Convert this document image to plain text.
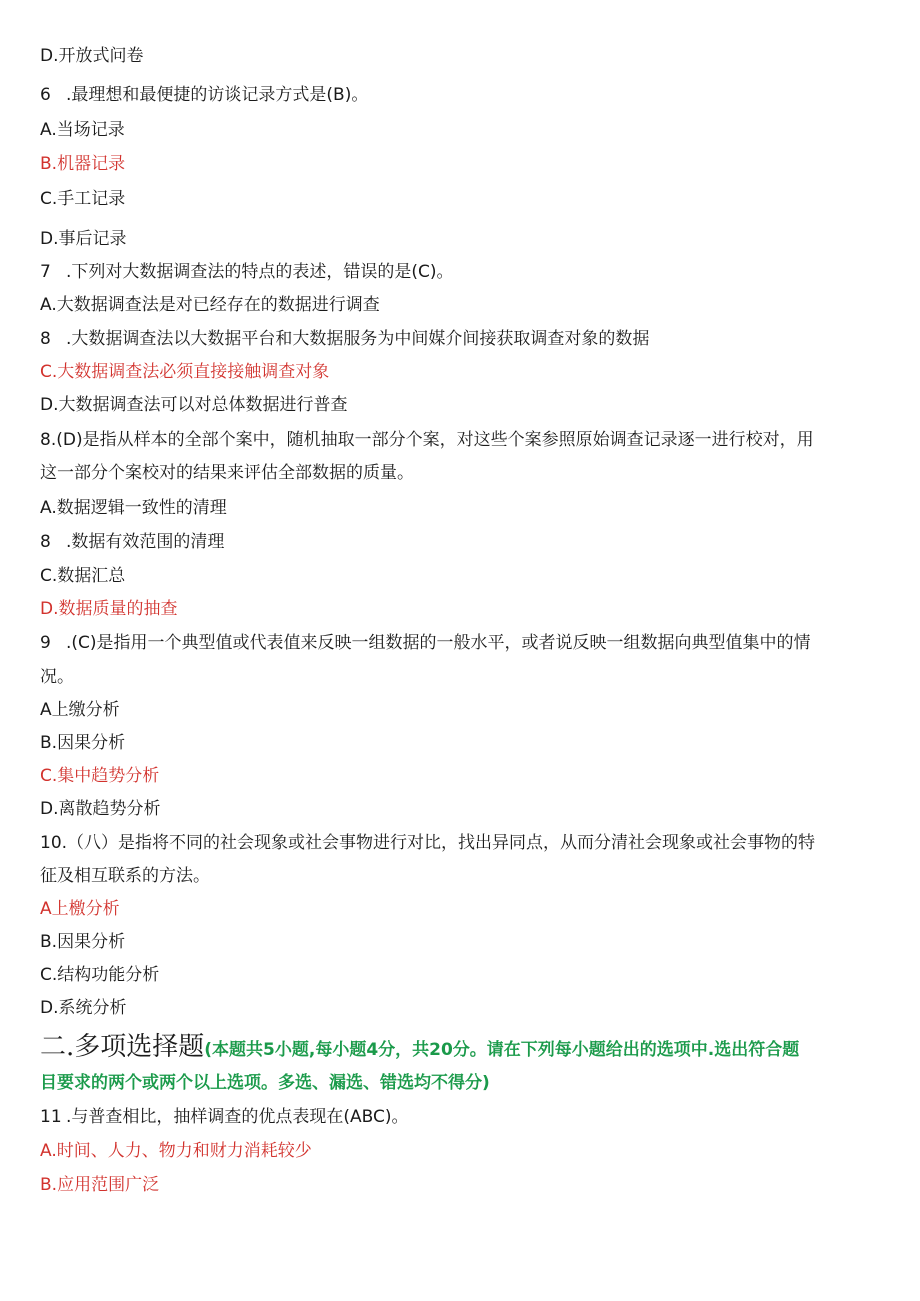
D.开放式问卷
6 .最理想和最便捷的访谈记录方式是(B)。
A.当场记录
B.机器记录
C.手工记录
D.事后记录
7 .下列对大数据调查法的特点的表述，错误的是(C)。
A.大数据调查法是对已经存在的数据进行调查
8 .大数据调查法以大数据平台和大数据服务为中间媒介间接获取调查对象的数据
C.大数据调查法必须直接接触调查对象
D.大数据调查法可以对总体数据进行普查
8.(D)是指从样本的全部个案中，随机抽取一部分个案，对这些个案参照原始调查记录逐一进行校对，用
这一部分个案校对的结果来评估全部数据的质量。
A.数据逻辑一致性的清理
8 .数据有效范围的清理
C.数据汇总
D.数据质量的抽查
9 .(C)是指用一个典型值或代表值来反映一组数据的一般水平，或者说反映一组数据向典型值集中的情
况。
A上缴分析
B.因果分析
C.集中趋势分析
D.离散趋势分析
10.（八）是指将不同的社会现象或社会事物进行对比，找出异同点，从而分清社会现象或社会事物的特
征及相互联系的方法。
A上檄分析
B.因果分析
C.结构功能分析
D.系统分析
二.多项选择题(本题共5小题,每小题4分，共20分。请在下列每小题给出的选项中.选出符合题
目要求的两个或两个以上选项。多选、漏选、错选均不得分)
11 .与普查相比，抽样调查的优点表现在(ABC)。
A.时间、人力、物力和财力消耗较少
B.应用范围广泛
